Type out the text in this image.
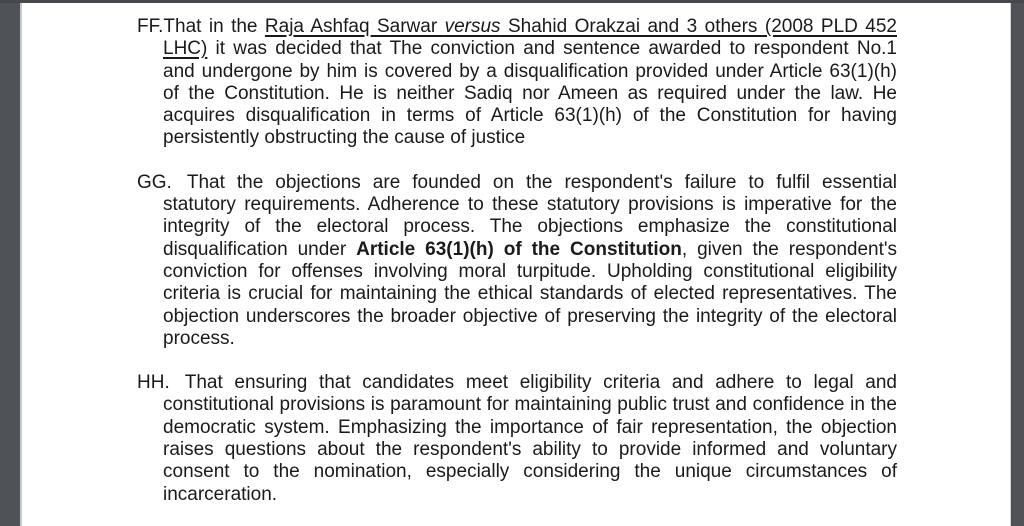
FF.That in the Raja Ashfaq Sarwar versus Shahid Orakzai and 3 others (2008 PLD 452 LHC) it was decided that The conviction and sentence awarded to respondent No.1 and undergone by him is covered by a disqualification provided under Article 63(1)(h) of the Constitution. He is neither Sadiq nor Ameen as required under the law. He acquires disqualification in terms of Article 63(1)(h) of the Constitution for having persistently obstructing the cause of justice

GG. That the objections are founded on the respondent's failure to fulfil essential statutory requirements. Adherence to these statutory provisions is imperative for the integrity of the electoral process. The objections emphasize the constitutional disqualification under Article 63(1)(h) of the Constitution, given the respondent's conviction for offenses involving moral turpitude. Upholding constitutional eligibility criteria is crucial for maintaining the ethical standards of elected representatives. The objection underscores the broader objective of preserving the integrity of the electoral process.

HH. That ensuring that candidates meet eligibility criteria and adhere to legal and constitutional provisions is paramount for maintaining public trust and confidence in the democratic system. Emphasizing the importance of fair representation, the objection raises questions about the respondent's ability to provide informed and voluntary consent to the nomination, especially considering the unique circumstances of incarceration.
